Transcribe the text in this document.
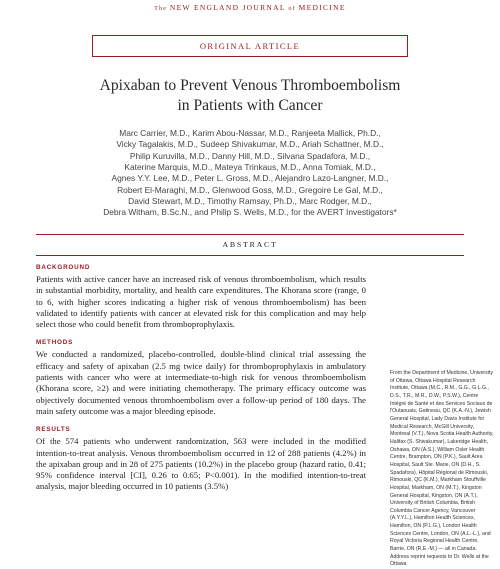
The NEW ENGLAND JOURNAL of MEDICINE
ORIGINAL ARTICLE
Apixaban to Prevent Venous Thromboembolism
in Patients with Cancer
Marc Carrier, M.D., Karim Abou-Nassar, M.D., Ranjeeta Mallick, Ph.D.,
Vicky Tagalakis, M.D., Sudeep Shivakumar, M.D., Ariah Schattner, M.D.,
Philip Kuruvilla, M.D., Danny Hill, M.D., Silvana Spadafora, M.D.,
Katerine Marquis, M.D., Mateya Trinkaus, M.D., Anna Tomiak, M.D.,
Agnes Y.Y. Lee, M.D., Peter L. Gross, M.D., Alejandro Lazo-Langner, M.D.,
Robert El-Maraghi, M.D., Glenwood Goss, M.D., Gregoire Le Gal, M.D.,
David Stewart, M.D., Timothy Ramsay, Ph.D., Marc Rodger, M.D.,
Debra Witham, B.Sc.N., and Philip S. Wells, M.D., for the AVERT Investigators*
ABSTRACT
BACKGROUND

Patients with active cancer have an increased risk of venous thromboembolism, which results in substantial morbidity, mortality, and health care expenditures. The Khorana score (range, 0 to 6, with higher scores indicating a higher risk of venous thromboembolism) has been validated to identify patients with cancer at elevated risk for this complication and may help select those who could benefit from thromboprophylaxis.

METHODS

We conducted a randomized, placebo-controlled, double-blind clinical trial assessing the efficacy and safety of apixaban (2.5 mg twice daily) for thromboprophylaxis in ambulatory patients with cancer who were at intermediate-to-high risk for venous thromboembolism (Khorana score, ≥2) and were initiating chemotherapy. The primary efficacy outcome was objectively documented venous thromboembolism over a follow-up period of 180 days. The main safety outcome was a major bleeding episode.

RESULTS

Of the 574 patients who underwent randomization, 563 were included in the modified intention-to-treat analysis. Venous thromboembolism occurred in 12 of 288 patients (4.2%) in the apixaban group and in 28 of 275 patients (10.2%) in the placebo group (hazard ratio, 0.41; 95% confidence interval [CI], 0.26 to 0.65; P<0.001). In the modified intention-to-treat analysis, major bleeding occurred in 10 patients (3.5%)

From the Department of Medicine, University of Ottawa, Ottawa Hospital Research Institute, Ottawa (M.C., R.M., G.G., G.L.G., D.S., T.R., M.R., D.W., P.S.W.), Centre Intégré de Santé et des Services Sociaux de l'Outaouais, Gatineau, QC (K.A.-N.), Jewish General Hospital, Lady Davis Institute for Medical Research, McGill University, Montreal (V.T.), Nova Scotia Health Authority, Halifax (S. Shivakumar), Lakeridge Health, Oshawa, ON (A.S.), William Osler Health Centre, Brampton, ON (P.K.), Sault Area Hospital, Sault Ste. Marie, ON (D.H., S. Spadafora), Hôpital Régional de Rimouski, Rimouski, QC (K.M.), Markham Stouffville Hospital, Markham, ON (M.T.), Kingston General Hospital, Kingston, ON (A.T.), University of British Columbia, British Columbia Cancer Agency, Vancouver (A.Y.Y.L.), Hamilton Health Sciences, Hamilton, ON (P.L.G.), London Health Sciences Centre, London, ON (A.L.-L.), and Royal Victoria Regional Health Centre, Barrie, ON (R.E.-M.) — all in Canada. Address reprint requests to Dr. Wells at the Ottawa
